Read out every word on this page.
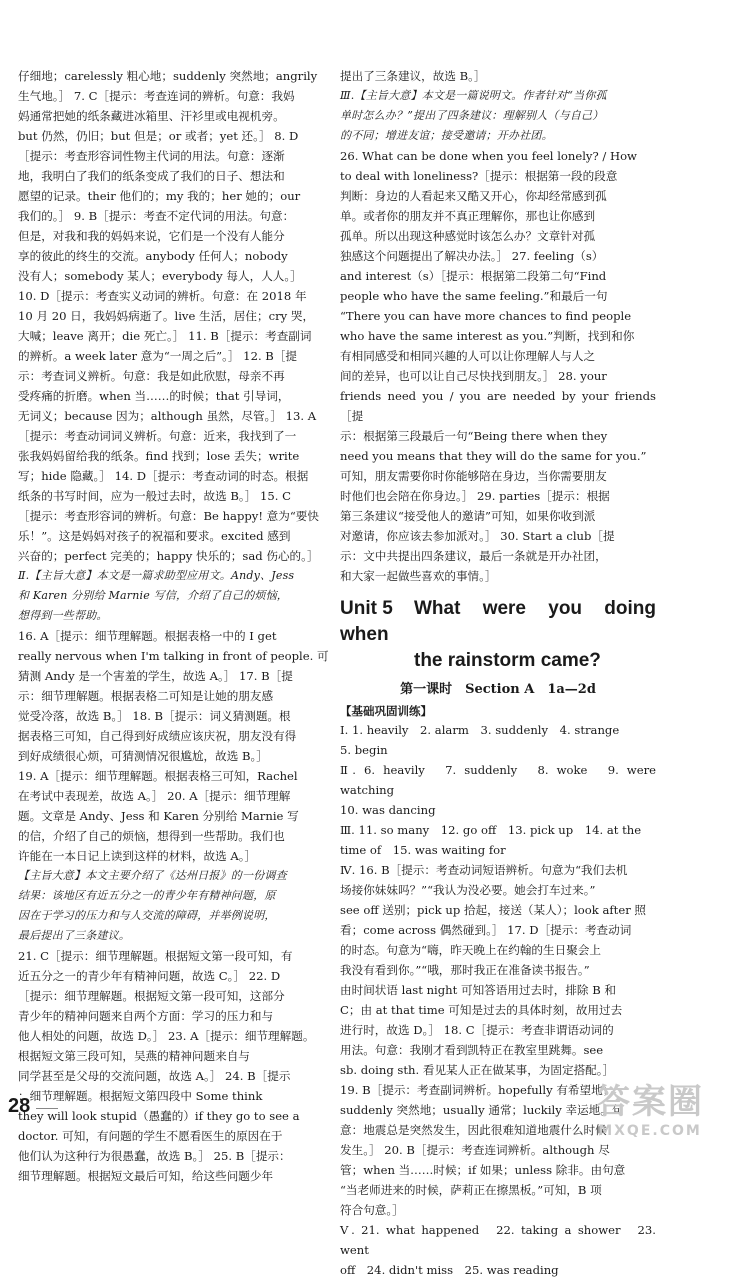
仔细地；carelessly 粗心地；suddenly 突然地；angrily

生气地。］ 7. C［提示：考查连词的辨析。句意：我妈

妈通常把她的纸条藏进冰箱里、汗衫里或电视机旁。

but 仍然，仍旧；but 但是；or 或者；yet 还。］ 8. D

［提示：考查形容词性物主代词的用法。句意：逐渐

地，我明白了我们的纸条变成了我们的日子、想法和

愿望的记录。their 他们的；my 我的；her 她的；our

我们的。］ 9. B［提示：考查不定代词的用法。句意：

但是，对我和我的妈妈来说，它们是一个没有人能分

享的彼此的终生的交流。anybody 任何人；nobody

没有人；somebody 某人；everybody 每人，人人。］

10. D［提示：考查实义动词的辨析。句意：在 2018 年

10 月 20 日，我妈妈病逝了。live 生活，居住；cry 哭，

大喊；leave 离开；die 死亡。］ 11. B［提示：考查副词

的辨析。a week later 意为“一周之后”。］ 12. B［提

示：考查词义辨析。句意：我是如此欣慰，母亲不再

受疼痛的折磨。when 当……的时候；that 引导词，

无词义；because 因为；although 虽然，尽管。］ 13. A

［提示：考查动词词义辨析。句意：近来，我找到了一

张我妈妈留给我的纸条。find 找到；lose 丢失；write

写；hide 隐藏。］ 14. D［提示：考查动词的时态。根据

纸条的书写时间，应为一般过去时，故选 B。］ 15. C

［提示：考查形容词的辨析。句意：Be happy! 意为“要快

乐！”。这是妈妈对孩子的祝福和要求。excited 感到

兴奋的；perfect 完美的；happy 快乐的；sad 伤心的。］

Ⅱ.【主旨大意】本文是一篇求助型应用文。Andy、Jess

和 Karen 分别给 Marnie 写信，介绍了自己的烦恼，

想得到一些帮助。

16. A［提示：细节理解题。根据表格一中的 I get

really nervous when I'm talking in front of people. 可

猜测 Andy 是一个害羞的学生，故选 A。］ 17. B［提

示：细节理解题。根据表格二可知是让她的朋友感

觉受冷落，故选 B。］ 18. B［提示：词义猜测题。根

据表格三可知，自己得到好成绩应该庆祝，朋友没有得

到好成绩很心烦，可猜测情况很尴尬，故选 B。］

19. A［提示：细节理解题。根据表格三可知，Rachel

在考试中表现差，故选 A。］ 20. A［提示：细节理解

题。文章是 Andy、Jess 和 Karen 分别给 Marnie 写

的信，介绍了自己的烦恼，想得到一些帮助。我们也

许能在一本日记上读到这样的材料，故选 A。］

【主旨大意】本文主要介绍了《达州日报》的一份调查

结果：该地区有近五分之一的青少年有精神问题，原

因在于学习的压力和与人交流的障碍，并举例说明，

最后提出了三条建议。

21. C［提示：细节理解题。根据短文第一段可知，有

近五分之一的青少年有精神问题，故选 C。］ 22. D

［提示：细节理解题。根据短文第一段可知，这部分

青少年的精神问题来自两个方面：学习的压力和与

他人相处的问题，故选 D。］ 23. A［提示：细节理解题。

根据短文第三段可知，吴燕的精神问题来自与

同学甚至是父母的交流问题，故选 A。］ 24. B［提示

：细节理解题。根据短文第四段中 Some think

they will look stupid（愚蠢的）if they go to see a

doctor. 可知，有问题的学生不愿看医生的原因在于

他们认为这种行为很愚蠢，故选 B。］ 25. B［提示：

细节理解题。根据短文最后可知，给这些问题少年

提出了三条建议，故选 B。］

Ⅲ.【主旨大意】本文是一篇说明文。作者针对“当你孤

单时怎么办？”提出了四条建议：理解别人（与自己）

的不同；增进友谊；接受邀请；开办社团。

26. What can be done when you feel lonely? / How

to deal with loneliness?［提示：根据第一段的段意

判断：身边的人看起来又酷又开心，你却经常感到孤

单。或者你的朋友并不真正理解你，那也让你感到

孤单。所以出现这种感觉时该怎么办？文章针对孤

独感这个问题提出了解决办法。］ 27. feeling（s）

and interest（s）［提示：根据第二段第二句“Find

people who have the same feeling.”和最后一句

“There you can have more chances to find people

who have the same interest as you.”判断，找到和你

有相同感受和相同兴趣的人可以让你理解人与人之

间的差异，也可以让自己尽快找到朋友。］ 28. your

friends need you / you are needed by your friends［提

示：根据第三段最后一句“Being there when they

need you means that they will do the same for you.”

可知，朋友需要你时你能够陪在身边，当你需要朋友

时他们也会陪在你身边。］ 29. parties［提示：根据

第三条建议“接受他人的邀请”可知，如果你收到派

对邀请，你应该去参加派对。］ 30. Start a club［提

示：文中共提出四条建议，最后一条就是开办社团，

和大家一起做些喜欢的事情。］

Unit 5 What were you doing when
the rainstorm came?
第一课时　Section A　1a—2d
【基础巩固训练】

Ⅰ. 1. heavily　2. alarm　3. suddenly　4. strange

5. begin

Ⅱ. 6. heavily　7. suddenly　8. woke　9. were watching

10. was dancing

Ⅲ. 11. so many　12. go off　13. pick up　14. at the

time of　15. was waiting for

Ⅳ. 16. B［提示：考查动词短语辨析。句意为“我们去机

场接你妹妹吗？”“我认为没必要。她会打车过来。”

see off 送别；pick up 拾起，接送（某人）；look after 照

看；come across 偶然碰到。］ 17. D［提示：考查动词

的时态。句意为“嗨，昨天晚上在约翰的生日聚会上

我没有看到你。”“哦，那时我正在准备读书报告。”

由时间状语 last night 可知答语用过去时，排除 B 和

C；由 at that time 可知是过去的具体时刻，故用过去

进行时，故选 D。］ 18. C［提示：考查非谓语动词的

用法。句意：我刚才看到凯特正在教室里跳舞。see

sb. doing sth. 看见某人正在做某事，为固定搭配。］

19. B［提示：考查副词辨析。hopefully 有希望地；

suddenly 突然地；usually 通常；luckily 幸运地。句

意：地震总是突然发生，因此很难知道地震什么时候

发生。］ 20. B［提示：考查连词辨析。although 尽

管；when 当……时候；if 如果；unless 除非。由句意

“当老师进来的时候，萨莉正在擦黑板。”可知，B 项

符合句意。］

Ⅴ. 21. what happened　22. taking a shower　23. went

off　24. didn't miss　25. was reading

28	答案圈
MXQE.COM
